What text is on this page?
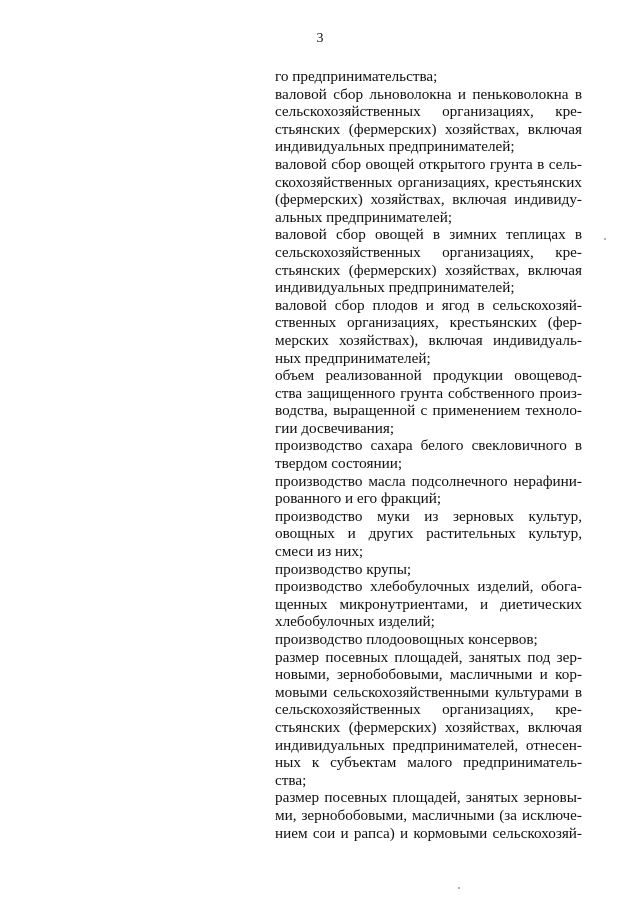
3
го предпринимательства;
валовой сбор льноволокна и пеньковолокна в
сельскохозяйственных организациях, кре-
стьянских (фермерских) хозяйствах, включая
индивидуальных предпринимателей;
валовой сбор овощей открытого грунта в сель-
скохозяйственных организациях, крестьянских
(фермерских) хозяйствах, включая индивиду-
альных предпринимателей;
валовой сбор овощей в зимних теплицах в
сельскохозяйственных организациях, кре-
стьянских (фермерских) хозяйствах, включая
индивидуальных предпринимателей;
валовой сбор плодов и ягод в сельскохозяй-
ственных организациях, крестьянских (фер-
мерских хозяйствах), включая индивидуаль-
ных предпринимателей;
объем реализованной продукции овощевод-
ства защищенного грунта собственного произ-
водства, выращенной с применением техноло-
гии досвечивания;
производство сахара белого свекловичного в
твердом состоянии;
производство масла подсолнечного нерафини-
рованного и его фракций;
производство муки из зерновых культур,
овощных и других растительных культур,
смеси из них;
производство крупы;
производство хлебобулочных изделий, обога-
щенных микронутриентами, и диетических
хлебобулочных изделий;
производство плодоовощных консервов;
размер посевных площадей, занятых под зер-
новыми, зернобобовыми, масличными и кор-
мовыми сельскохозяйственными культурами в
сельскохозяйственных организациях, кре-
стьянских (фермерских) хозяйствах, включая
индивидуальных предпринимателей, отнесен-
ных к субъектам малого предприниматель-
ства;
размер посевных площадей, занятых зерновы-
ми, зернобобовыми, масличными (за исключе-
нием сои и рапса) и кормовыми сельскохозяй-
